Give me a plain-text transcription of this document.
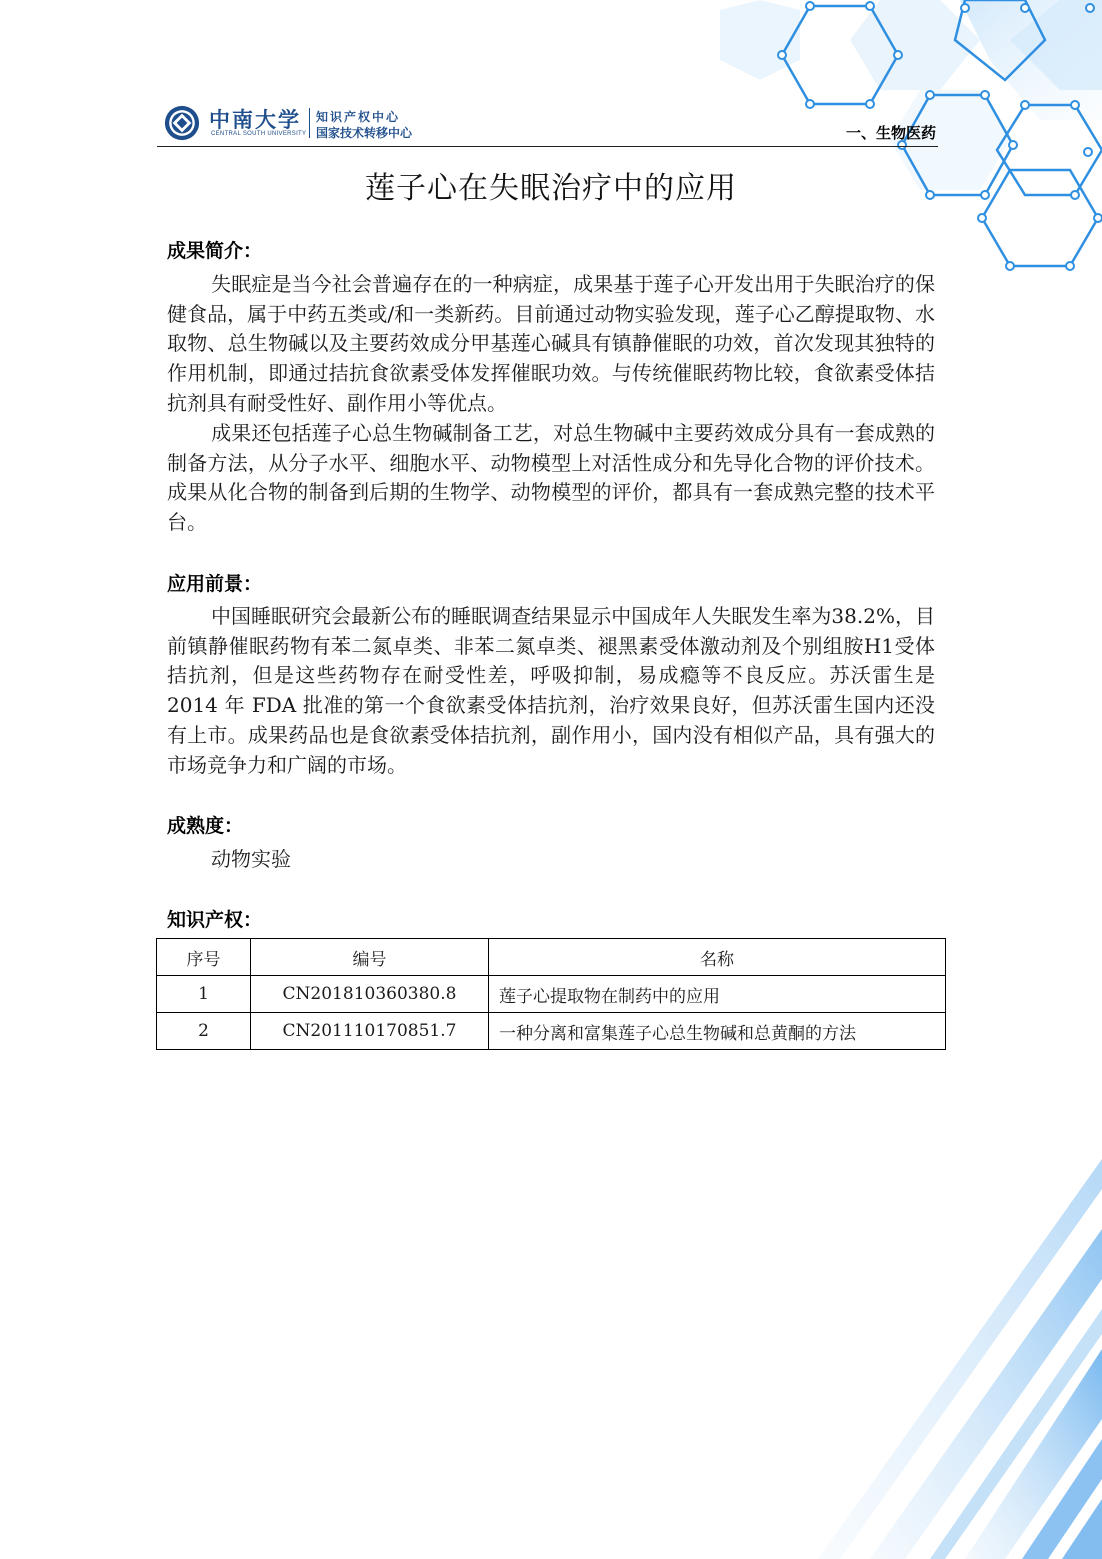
中南大学
CENTRAL SOUTH UNIVERSITY
知识产权中心
国家技术转移中心	一、生物医药
莲子心在失眠治疗中的应用
成果简介：

失眠症是当今社会普遍存在的一种病症，成果基于莲子心开发出用于失眠治疗的保健食品，属于中药五类或/和一类新药。目前通过动物实验发现，莲子心乙醇提取物、水取物、总生物碱以及主要药效成分甲基莲心碱具有镇静催眠的功效，首次发现其独特的作用机制，即通过拮抗食欲素受体发挥催眠功效。与传统催眠药物比较，食欲素受体拮抗剂具有耐受性好、副作用小等优点。

成果还包括莲子心总生物碱制备工艺，对总生物碱中主要药效成分具有一套成熟的制备方法，从分子水平、细胞水平、动物模型上对活性成分和先导化合物的评价技术。成果从化合物的制备到后期的生物学、动物模型的评价，都具有一套成熟完整的技术平台。

应用前景：

中国睡眠研究会最新公布的睡眠调查结果显示中国成年人失眠发生率为38.2%，目前镇静催眠药物有苯二氮卓类、非苯二氮卓类、褪黑素受体激动剂及个别组胺H1受体拮抗剂，但是这些药物存在耐受性差，呼吸抑制，易成瘾等不良反应。苏沃雷生是 2014 年 FDA 批准的第一个食欲素受体拮抗剂，治疗效果良好，但苏沃雷生国内还没有上市。成果药品也是食欲素受体拮抗剂，副作用小，国内没有相似产品，具有强大的市场竞争力和广阔的市场。

成熟度：

动物实验

知识产权：
序号	编号	名称
1	CN201810360380.8	莲子心提取物在制药中的应用
2	CN201110170851.7	一种分离和富集莲子心总生物碱和总黄酮的方法
